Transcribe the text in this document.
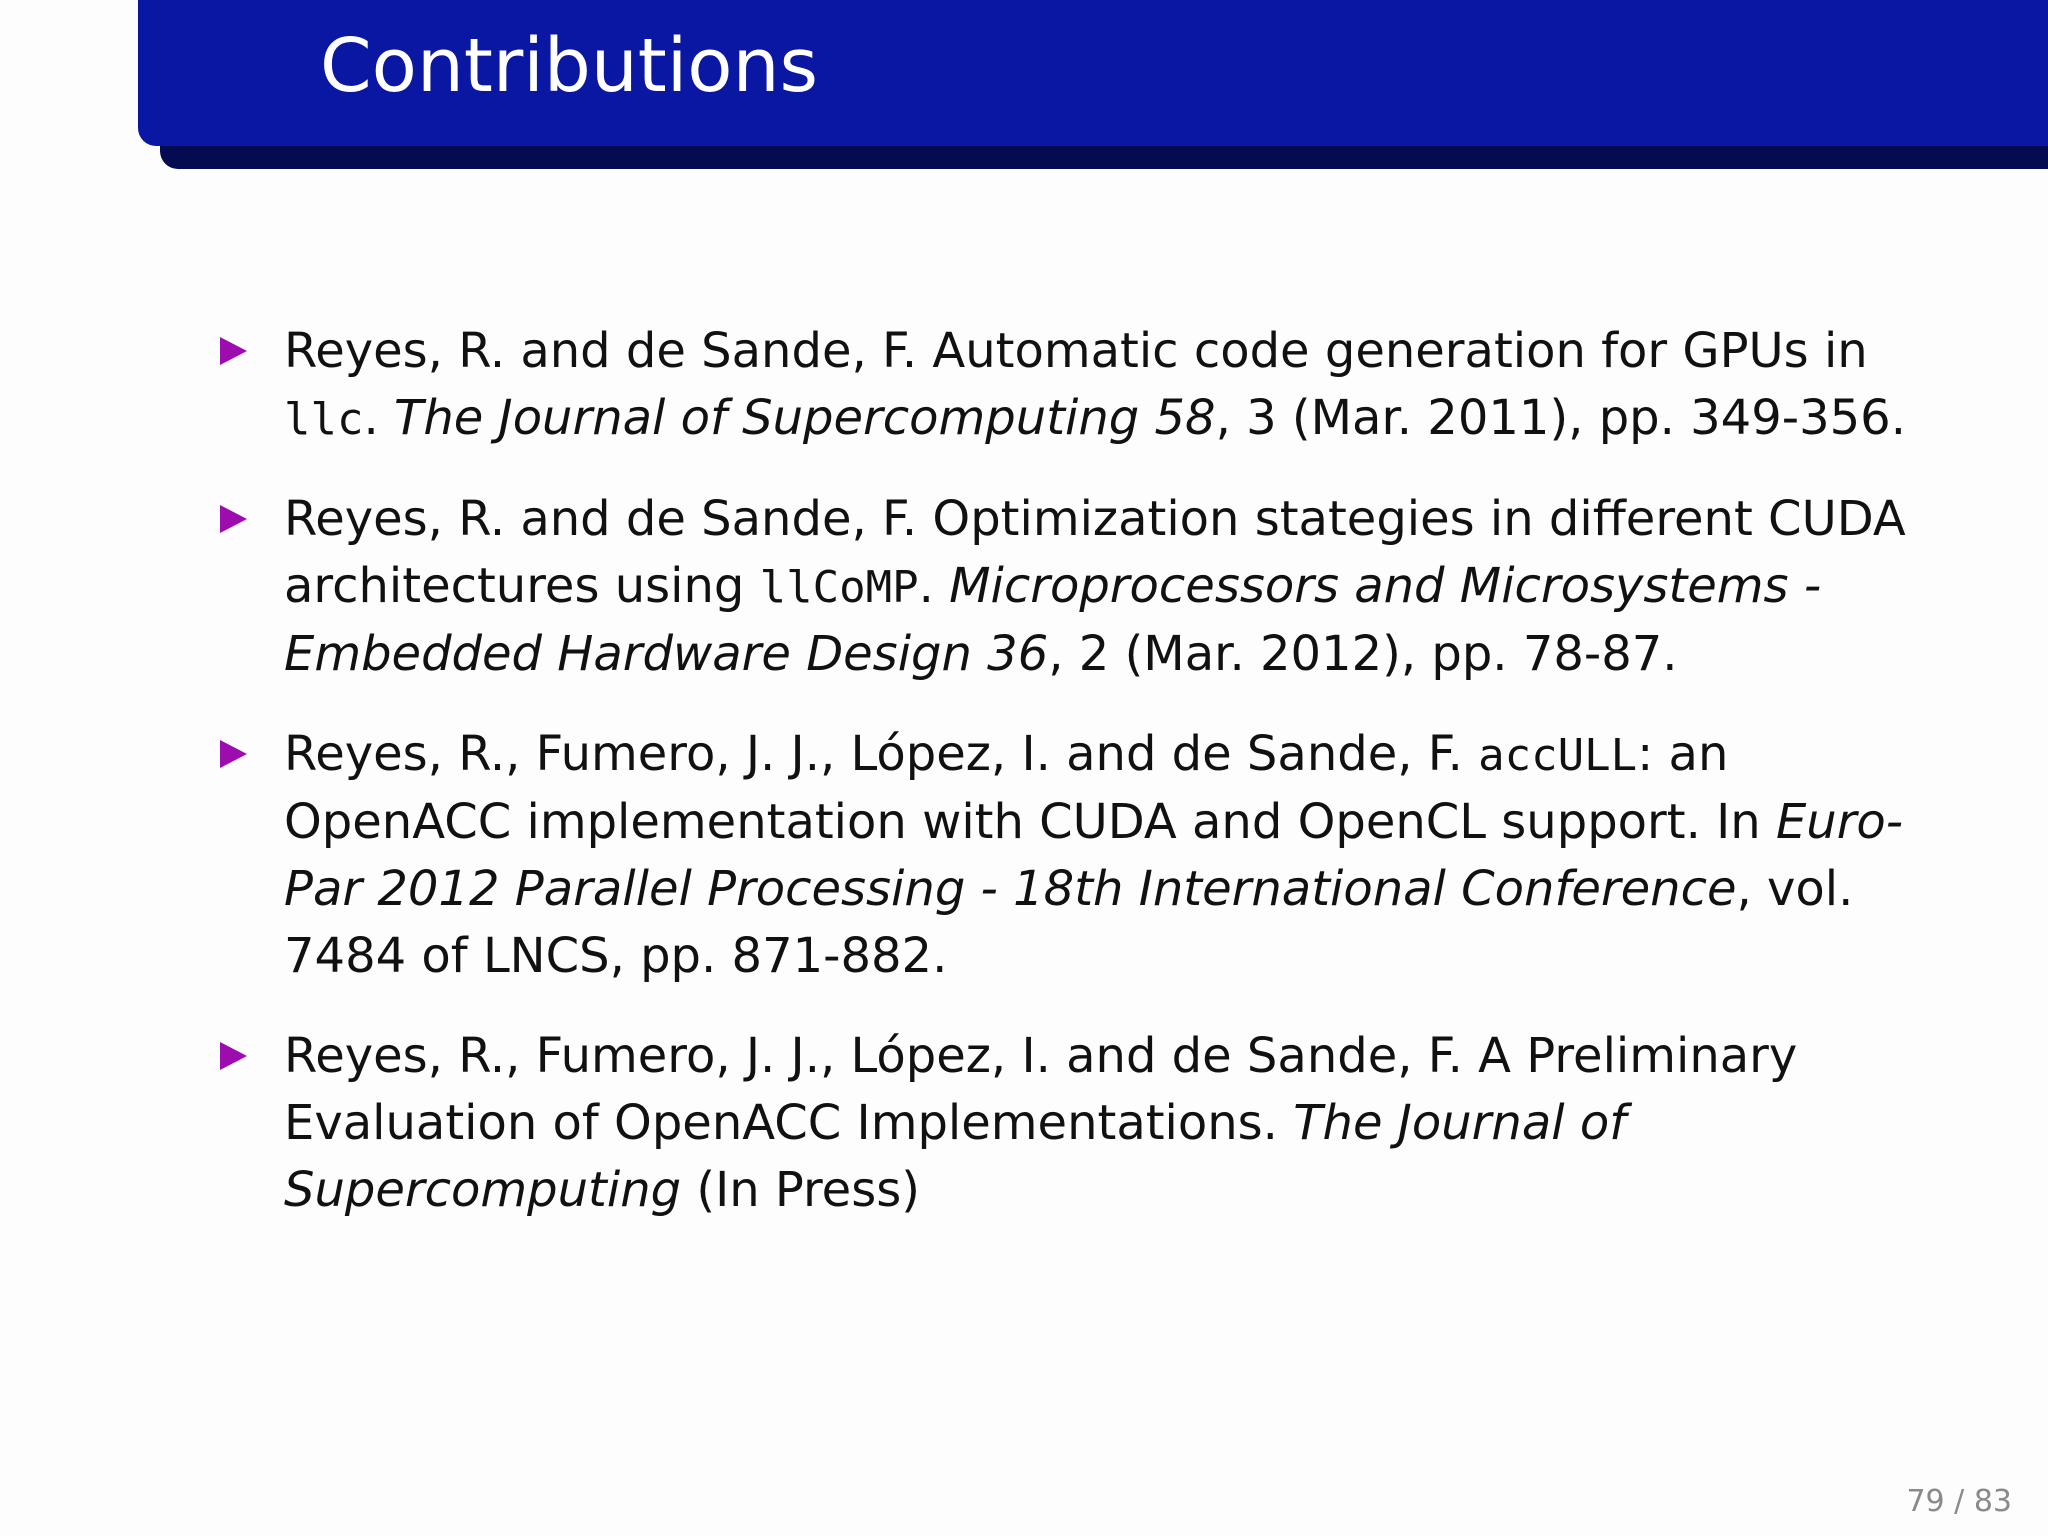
Contributions
Reyes, R. and de Sande, F. Automatic code generation for GPUs in llc. The Journal of Supercomputing 58, 3 (Mar. 2011), pp. 349-356.
Reyes, R. and de Sande, F. Optimization stategies in different CUDA architectures using llCoMP. Microprocessors and Microsystems - Embedded Hardware Design 36, 2 (Mar. 2012), pp. 78-87.
Reyes, R., Fumero, J. J., López, I. and de Sande, F. accULL: an OpenACC implementation with CUDA and OpenCL support. In Euro-Par 2012 Parallel Processing - 18th International Conference, vol. 7484 of LNCS, pp. 871-882.
Reyes, R., Fumero, J. J., López, I. and de Sande, F. A Preliminary Evaluation of OpenACC Implementations. The Journal of Supercomputing (In Press)
79 / 83
